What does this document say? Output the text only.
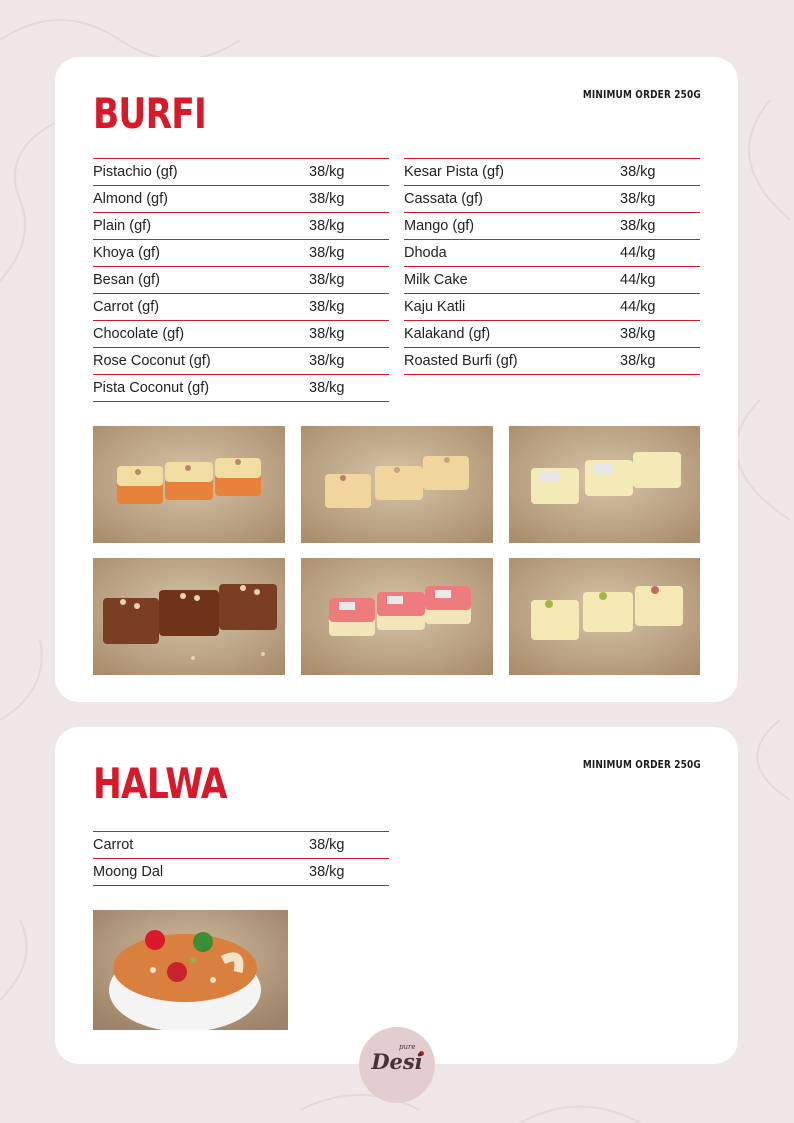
BURFI	MINIMUM ORDER 250G
Pistachio (gf)	38/kg
Almond (gf)	38/kg
Plain (gf)	38/kg
Khoya (gf)	38/kg
Besan (gf)	38/kg
Carrot (gf)	38/kg
Chocolate (gf)	38/kg
Rose Coconut (gf)	38/kg
Pista Coconut (gf)	38/kg
Kesar Pista (gf)	38/kg
Cassata (gf)	38/kg
Mango (gf)	38/kg
Dhoda	44/kg
Milk Cake	44/kg
Kaju Katli	44/kg
Kalakand (gf)	38/kg
Roasted Burfi (gf)	38/kg
HALWA	MINIMUM ORDER 250G
Carrot	38/kg
Moong Dal	38/kg
pure
Desi
